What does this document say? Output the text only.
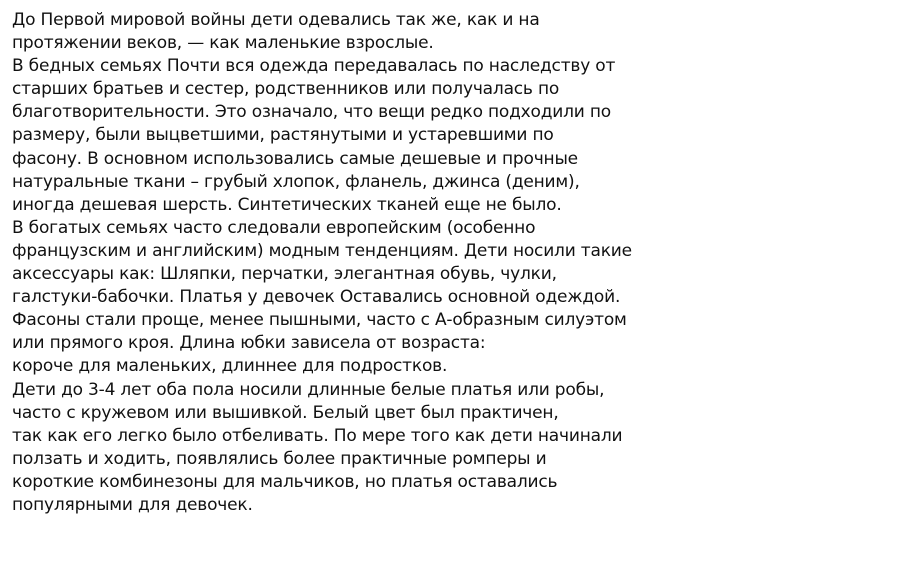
До Первой мировой войны дети одевались так же, как и на
протяжении веков, — как маленькие взрослые.
В бедных семьях Почти вся одежда передавалась по наследству от
старших братьев и сестер, родственников или получалась по
благотворительности. Это означало, что вещи редко подходили по
размеру, были выцветшими, растянутыми и устаревшими по
фасону. В основном использовались самые дешевые и прочные
натуральные ткани – грубый хлопок, фланель, джинса (деним),
иногда дешевая шерсть. Синтетических тканей еще не было.
В богатых семьях часто следовали европейским (особенно
французским и английским) модным тенденциям. Дети носили такие
аксессуары как: Шляпки, перчатки, элегантная обувь, чулки,
галстуки-бабочки. Платья у девочек Оставались основной одеждой.
Фасоны стали проще, менее пышными, часто с А-образным силуэтом
или прямого кроя. Длина юбки зависела от возраста:
короче для маленьких, длиннее для подростков.
Дети до 3-4 лет оба пола носили длинные белые платья или робы,
часто с кружевом или вышивкой. Белый цвет был практичен,
так как его легко было отбеливать. По мере того как дети начинали
ползать и ходить, появлялись более практичные ромперы и
короткие комбинезоны для мальчиков, но платья оставались
популярными для девочек.
